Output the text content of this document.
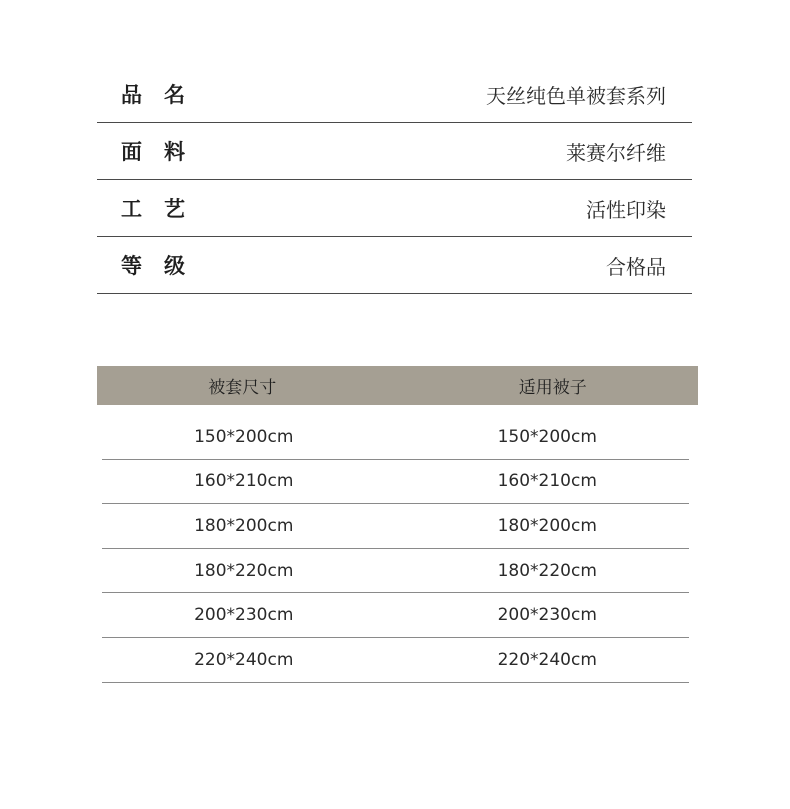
品名	天丝纯色单被套系列
面料	莱赛尔纤维
工艺	活性印染
等级	合格品
被套尺寸	适用被子
150*200cm	150*200cm
160*210cm	160*210cm
180*200cm	180*200cm
180*220cm	180*220cm
200*230cm	200*230cm
220*240cm	220*240cm
